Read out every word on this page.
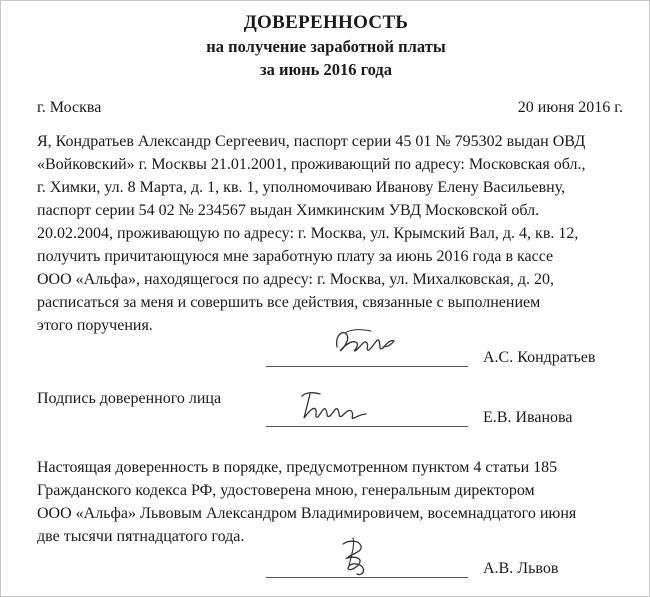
ДОВЕРЕННОСТЬ
на получение заработной платы
за июнь 2016 года
г. Москва	20 июня 2016 г.
Я, Кондратьев Александр Сергеевич, паспорт серии 45 01 № 795302 выдан ОВД
«Войковский» г. Москвы 21.01.2001, проживающий по адресу: Московская обл.,
г. Химки, ул. 8 Марта, д. 1, кв. 1, уполномочиваю Иванову Елену Васильевну,
паспорт серии 54 02 № 234567 выдан Химкинским УВД Московской обл.
20.02.2004, проживающую по адресу: г. Москва, ул. Крымский Вал, д. 4, кв. 12,
получить причитающуюся мне заработную плату за июнь 2016 года в кассе
ООО «Альфа», находящегося по адресу: г. Москва, ул. Михалковская, д. 20,
расписаться за меня и совершить все действия, связанные с выполнением
этого поручения.
А.С. Кондратьев
Подпись доверенного лица
Е.В. Иванова
Настоящая доверенность в порядке, предусмотренном пунктом 4 статьи 185
Гражданского кодекса РФ, удостоверена мною, генеральным директором
ООО «Альфа» Львовым Александром Владимировичем, восемнадцатого июня
две тысячи пятнадцатого года.
А.В. Львов
